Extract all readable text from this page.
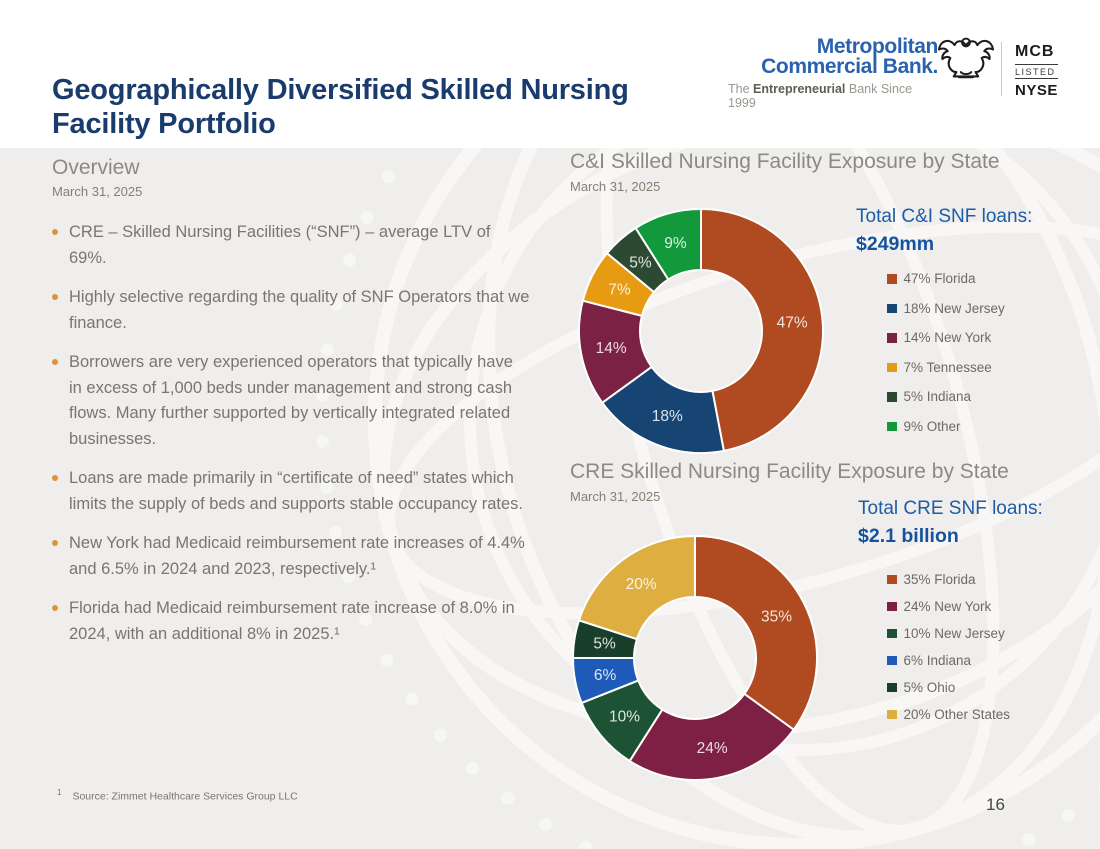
Geographically Diversified Skilled Nursing Facility Portfolio
Metropolitan
Commercial Bank.
The Entrepreneurial Bank Since 1999
MCB
LISTED
NYSE
Overview
March 31, 2025
CRE – Skilled Nursing Facilities (“SNF”) – average LTV of 69%.
Highly selective regarding the quality of SNF Operators that we finance.
Borrowers are very experienced operators that typically have in excess of 1,000 beds under management and strong cash flows. Many further supported by vertically integrated related businesses.
Loans are made primarily in “certificate of need” states which limits the supply of beds and supports stable occupancy rates.
New York had Medicaid reimbursement rate increases of 4.4% and 6.5% in 2024 and 2023, respectively.¹
Florida had Medicaid reimbursement rate increase of 8.0% in 2024, with an additional 8% in 2025.¹
C&I Skilled Nursing Facility Exposure by State
March 31, 2025
47%
18%
14%
7%
5%
9%
Total C&I SNF loans:
$249mm
47% Florida
18% New Jersey
14% New York
7% Tennessee
5% Indiana
9% Other
CRE Skilled Nursing Facility Exposure by State
March 31, 2025
35%
24%
10%
6%
5%
20%
Total CRE SNF loans:
$2.1 billion
35% Florida
24% New York
10% New Jersey
6% Indiana
5% Ohio
20% Other States
$^1$ Source: Zimmet Healthcare Services Group LLC	16
